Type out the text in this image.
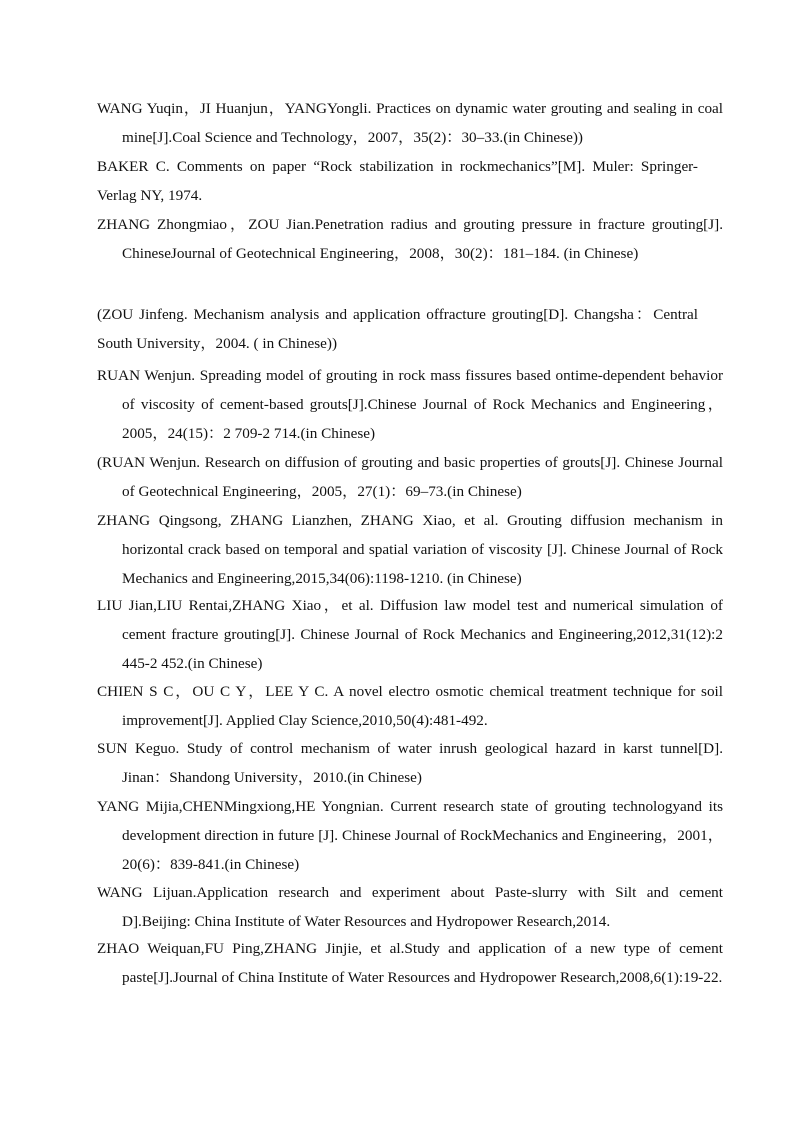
WANG Yuqin，JI Huanjun，YANGYongli. Practices on dynamic water grouting and sealing in coal mine[J].Coal Science and Technology，2007，35(2)：30–33.(in Chinese))

BAKER C. Comments on paper “Rock stabilization in rockmechanics”[M]. Muler: Springer-Verlag NY, 1974.

ZHANG Zhongmiao，ZOU Jian.Penetration radius and grouting pressure in fracture grouting[J]. ChineseJournal of Geotechnical Engineering，2008，30(2)：181–184. (in Chinese)

(ZOU Jinfeng. Mechanism analysis and application offracture grouting[D]. Changsha：Central South University，2004. ( in Chinese))

RUAN Wenjun. Spreading model of grouting in rock mass fissures based ontime-dependent behavior of viscosity of cement-based grouts[J].Chinese Journal of Rock Mechanics and Engineering，2005，24(15)：2 709-2 714.(in Chinese)

(RUAN Wenjun. Research on diffusion of grouting and basic properties of grouts[J]. Chinese Journal of Geotechnical Engineering，2005，27(1)：69–73.(in Chinese)

ZHANG Qingsong, ZHANG Lianzhen, ZHANG Xiao, et al. Grouting diffusion mechanism in horizontal crack based on temporal and spatial variation of viscosity [J]. Chinese Journal of Rock Mechanics and Engineering,2015,34(06):1198-1210. (in Chinese)

LIU Jian,LIU Rentai,ZHANG Xiao，et al. Diffusion law model test and numerical simulation of cement fracture grouting[J]. Chinese Journal of Rock Mechanics and Engineering,2012,31(12):2 445-2 452.(in Chinese)

CHIEN S C，OU C Y，LEE Y C. A novel electro osmotic chemical treatment technique for soil improvement[J]. Applied Clay Science,2010,50(4):481-492.

SUN Keguo. Study of control mechanism of water inrush geological hazard in karst tunnel[D]. Jinan：Shandong University，2010.(in Chinese)

YANG Mijia,CHENMingxiong,HE Yongnian. Current research state of grouting technologyand its development direction in future [J]. Chinese Journal of RockMechanics and Engineering，2001，20(6)：839-841.(in Chinese)

WANG Lijuan.Application research and experiment about Paste-slurry with Silt and cement D].Beijing: China Institute of Water Resources and Hydropower Research,2014.

ZHAO Weiquan,FU Ping,ZHANG Jinjie, et al.Study and application of a new type of cement paste[J].Journal of China Institute of Water Resources and Hydropower Research,2008,6(1):19-22.
